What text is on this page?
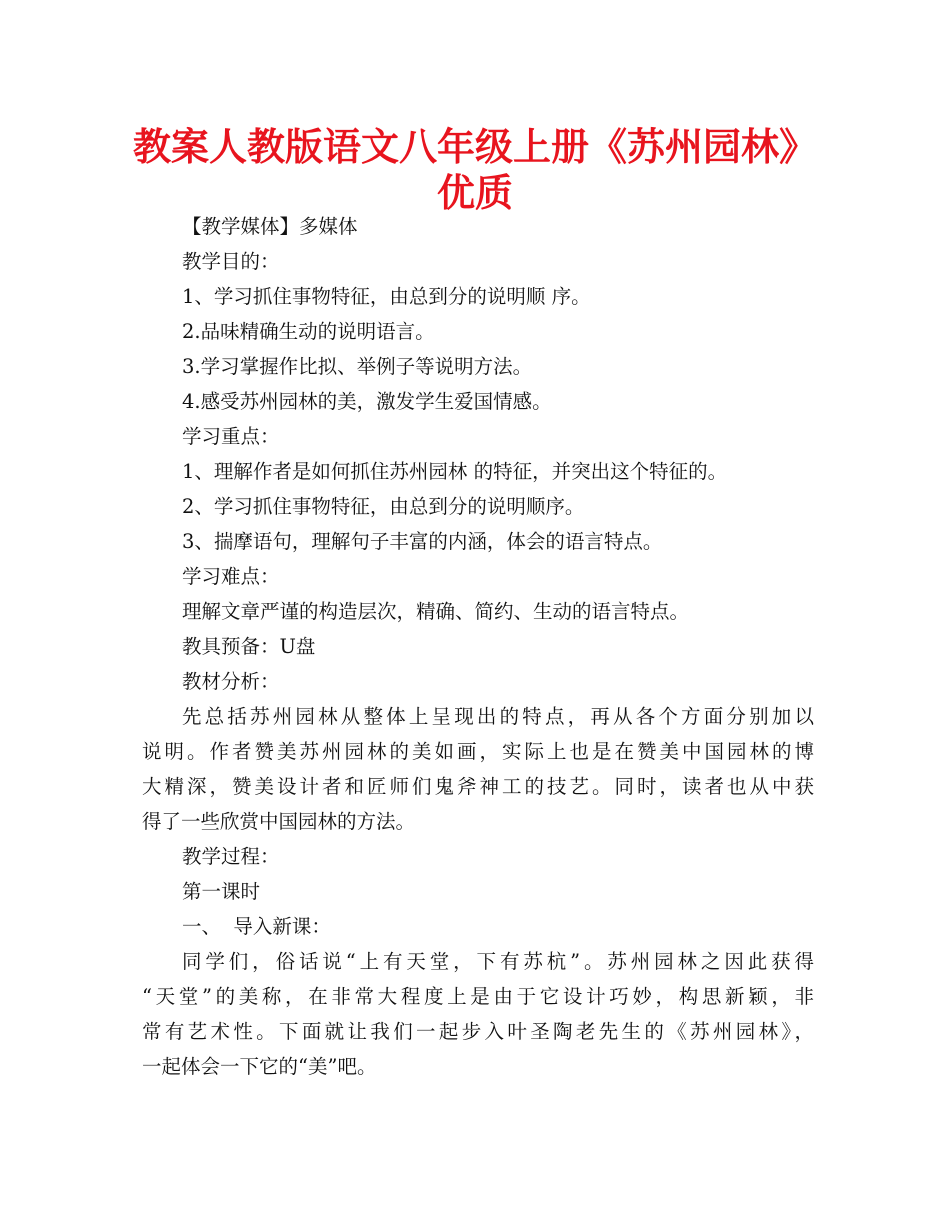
教案人教版语文八年级上册《苏州园林》
优质
【教学媒体】多媒体
教学目的：
1、学习抓住事物特征，由总到分的说明顺 序。
2.品味精确生动的说明语言。
3.学习掌握作比拟、举例子等说明方法。
4.感受苏州园林的美，激发学生爱国情感。
学习重点：
1、理解作者是如何抓住苏州园林 的特征，并突出这个特征的。
2、学习抓住事物特征，由总到分的说明顺序。
3、揣摩语句，理解句子丰富的内涵，体会的语言特点。
学习难点：
理解文章严谨的构造层次，精确、简约、生动的语言特点。
教具预备：U盘
教材分析：
先总括苏州园林从整体上呈现出的特点，再从各个方面分别加以
说明。作者赞美苏州园林的美如画，实际上也是在赞美中国园林的博
大精深，赞美设计者和匠师们鬼斧神工的技艺。同时，读者也从中获
得了一些欣赏中国园林的方法。
教学过程：
第一课时
一、  导入新课：
同学们，俗话说“上有天堂，下有苏杭”。苏州园林之因此获得
“天堂”的美称，在非常大程度上是由于它设计巧妙，构思新颖，非
常有艺术性。下面就让我们一起步入叶圣陶老先生的《苏州园林》，
一起体会一下它的“美”吧。
